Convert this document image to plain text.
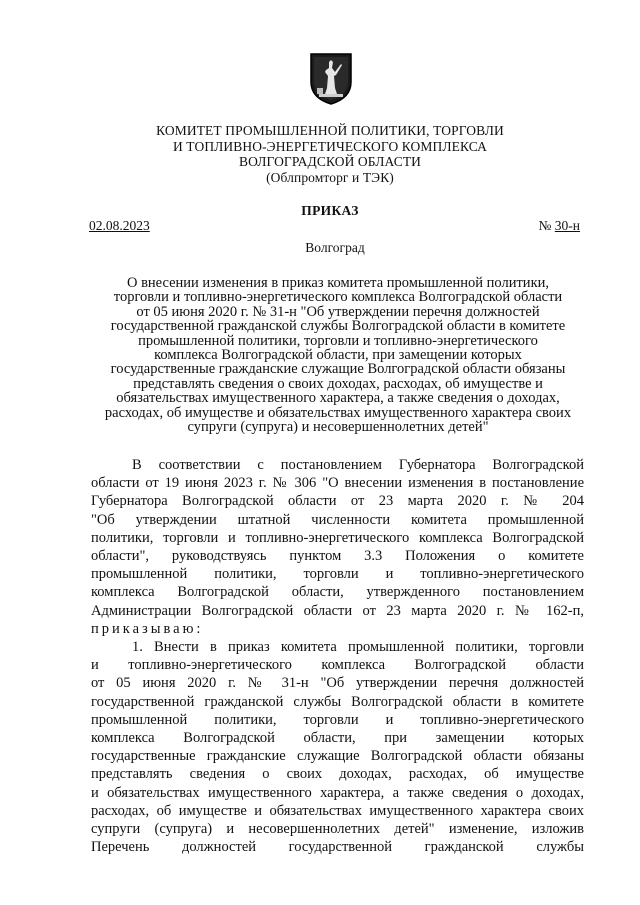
КОМИТЕТ ПРОМЫШЛЕННОЙ ПОЛИТИКИ, ТОРГОВЛИ
И ТОПЛИВНО-ЭНЕРГЕТИЧЕСКОГО КОМПЛЕКСА
ВОЛГОГРАДСКОЙ ОБЛАСТИ
(Облпромторг и ТЭК)
ПРИКАЗ
02.08.2023	№ 30-н
Волгоград
О внесении изменения в приказ комитета промышленной политики,
торговли и топливно-энергетического комплекса Волгоградской области
от 05 июня 2020 г. № 31-н "Об утверждении перечня должностей
государственной гражданской службы Волгоградской области в комитете
промышленной политики, торговли и топливно-энергетического
комплекса Волгоградской области, при замещении которых
государственные гражданские служащие Волгоградской области обязаны
представлять сведения о своих доходах, расходах, об имуществе и
обязательствах имущественного характера, а также сведения о доходах,
расходах, об имуществе и обязательствах имущественного характера своих
супруги (супруга) и несовершеннолетних детей"
В соответствии с постановлением Губернатора Волгоградской
области от 19 июня 2023 г. № 306 "О внесении изменения в постановление
Губернатора Волгоградской области от 23 марта 2020 г. № 204
"Об утверждении штатной численности комитета промышленной
политики, торговли и топливно-энергетического комплекса Волгоградской
области", руководствуясь пунктом 3.3 Положения о комитете
промышленной политики, торговли и топливно-энергетического
комплекса Волгоградской области, утвержденного постановлением
Администрации Волгоградской области от 23 марта 2020 г. № 162-п,
приказываю:
1. Внести в приказ комитета промышленной политики, торговли
и топливно-энергетического комплекса Волгоградской области
от 05 июня 2020 г. № 31-н "Об утверждении перечня должностей
государственной гражданской службы Волгоградской области в комитете
промышленной политики, торговли и топливно-энергетического
комплекса Волгоградской области, при замещении которых
государственные гражданские служащие Волгоградской области обязаны
представлять сведения о своих доходах, расходах, об имуществе
и обязательствах имущественного характера, а также сведения о доходах,
расходах, об имуществе и обязательствах имущественного характера своих
супруги (супруга) и несовершеннолетних детей" изменение, изложив
Перечень должностей государственной гражданской службы
